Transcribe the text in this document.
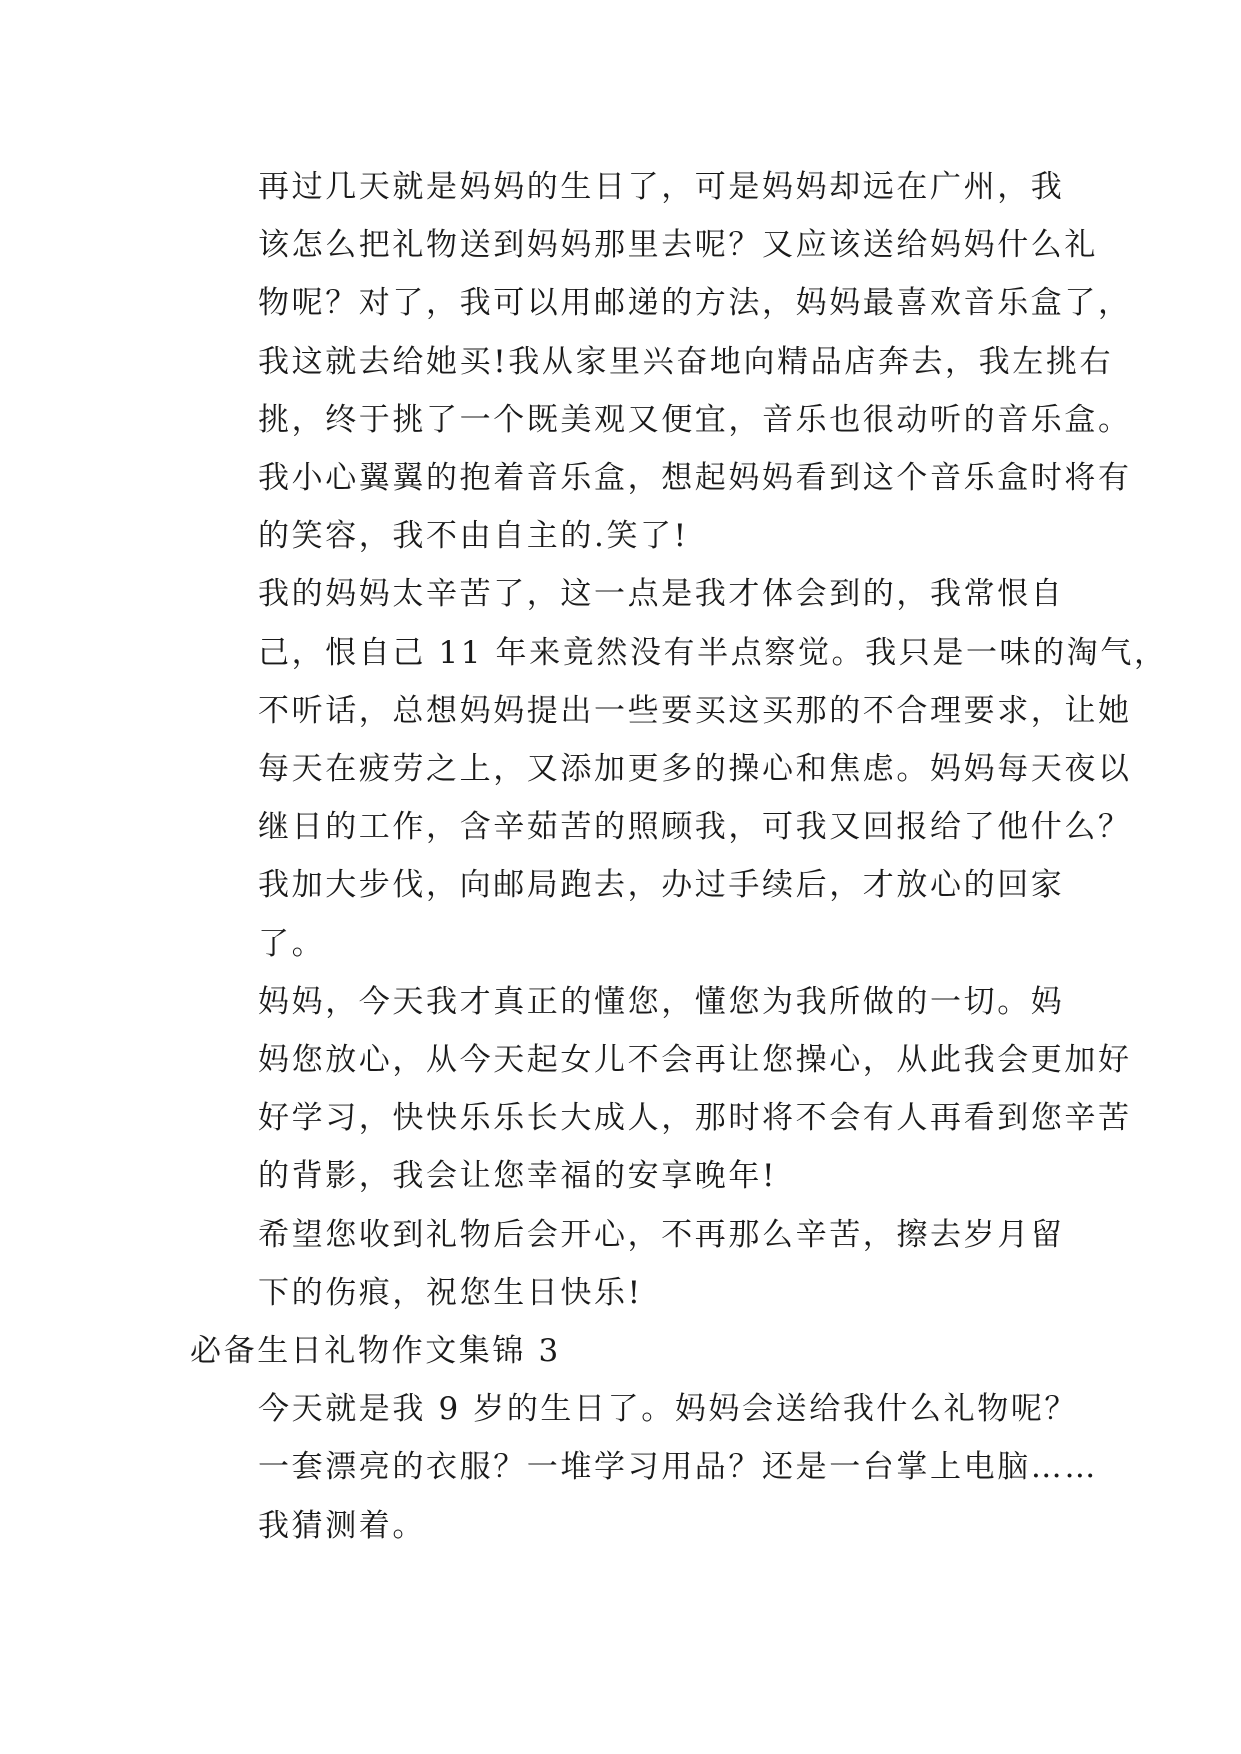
再过几天就是妈妈的生日了，可是妈妈却远在广州，我
该怎么把礼物送到妈妈那里去呢？又应该送给妈妈什么礼
物呢？对了，我可以用邮递的方法，妈妈最喜欢音乐盒了，
我这就去给她买!我从家里兴奋地向精品店奔去，我左挑右
挑，终于挑了一个既美观又便宜，音乐也很动听的音乐盒。
我小心翼翼的抱着音乐盒，想起妈妈看到这个音乐盒时将有
的笑容，我不由自主的.笑了!

我的妈妈太辛苦了，这一点是我才体会到的，我常恨自
己，恨自己 11 年来竟然没有半点察觉。我只是一味的淘气，
不听话，总想妈妈提出一些要买这买那的不合理要求，让她
每天在疲劳之上，又添加更多的操心和焦虑。妈妈每天夜以
继日的工作，含辛茹苦的照顾我，可我又回报给了他什么？

我加大步伐，向邮局跑去，办过手续后，才放心的回家
了。

妈妈，今天我才真正的懂您，懂您为我所做的一切。妈
妈您放心，从今天起女儿不会再让您操心，从此我会更加好
好学习，快快乐乐长大成人，那时将不会有人再看到您辛苦
的背影，我会让您幸福的安享晚年!

希望您收到礼物后会开心，不再那么辛苦，擦去岁月留
下的伤痕，祝您生日快乐!

必备生日礼物作文集锦 3

今天就是我 9 岁的生日了。妈妈会送给我什么礼物呢？
一套漂亮的衣服？一堆学习用品？还是一台掌上电脑……
我猜测着。
